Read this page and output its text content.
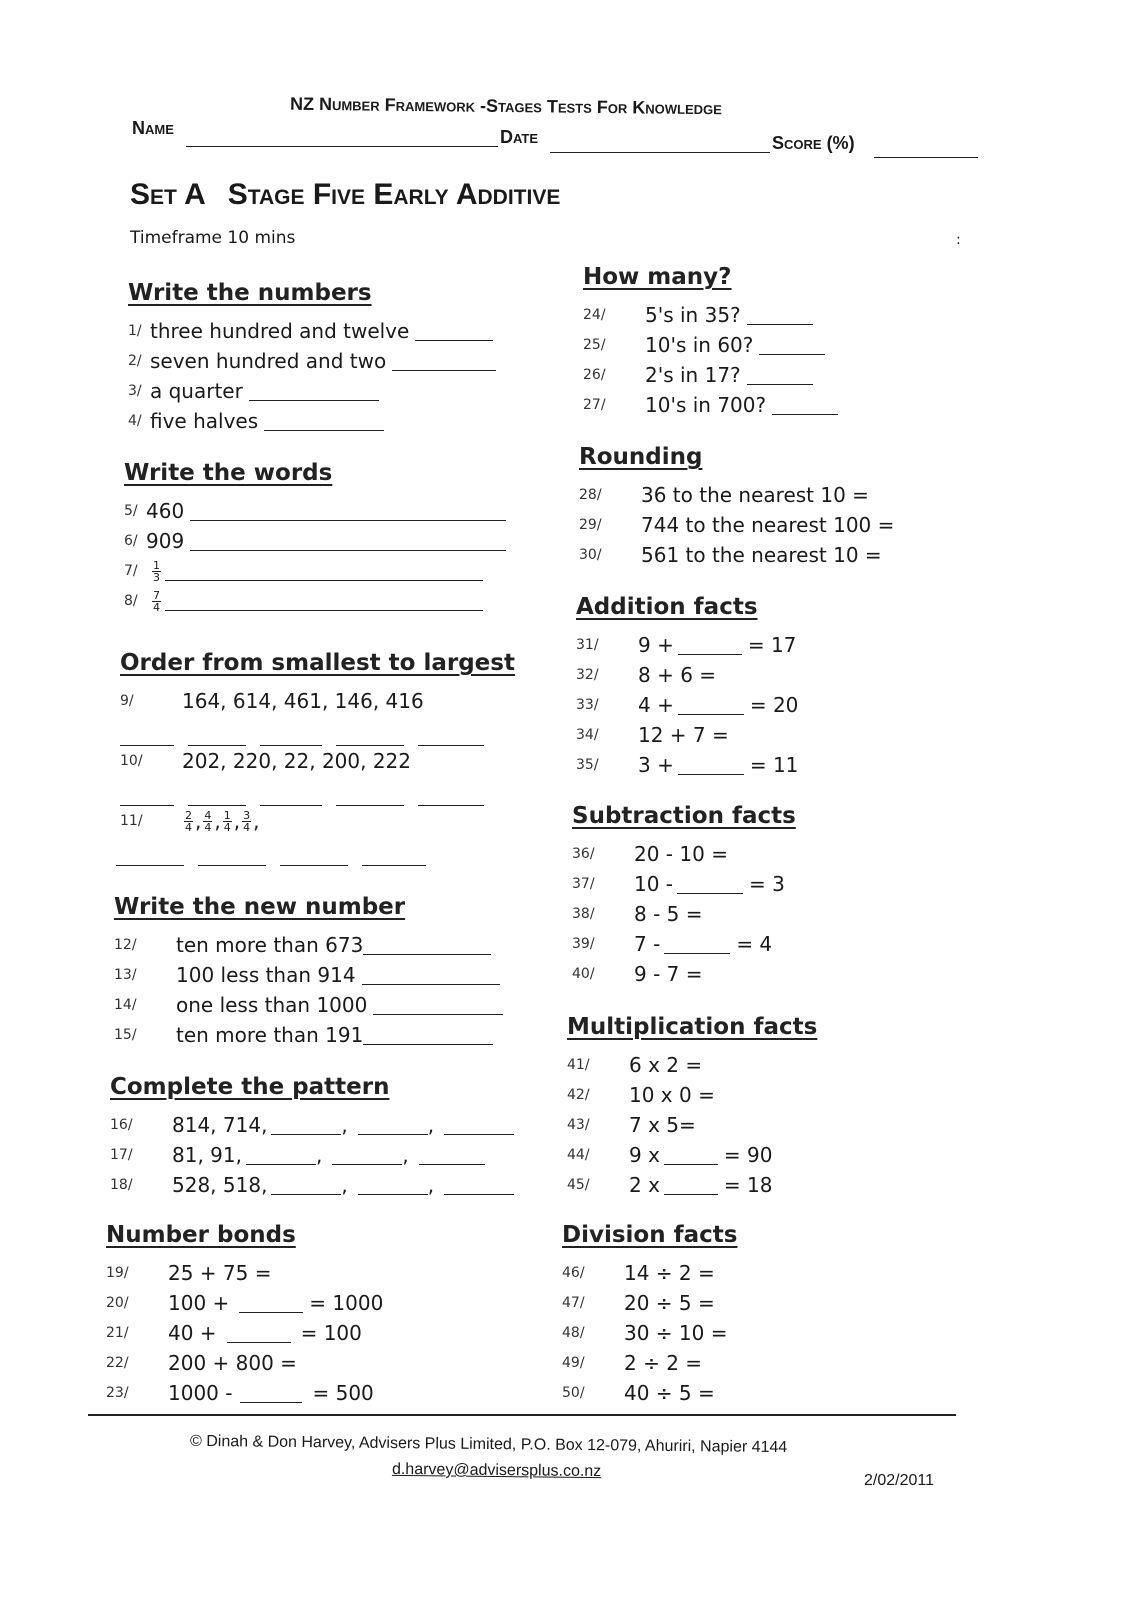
NZ Number Framework -Stages Tests For Knowledge
Name	Date	Score (%)
Set A Stage Five Early Additive
Timeframe 10 mins	:
Write the numbers
1/ three hundred and twelve
2/ seven hundred and two
3/ a quarter
4/ five halves
Write the words
5/ 460
6/ 909
7/	$\frac{1}{3}$
8/	$\frac{7}{4}$
Order from smallest to largest
9/	164, 614, 461, 146, 416
10/	202, 220, 22, 200, 222
11/	$\frac{2}{4}$ , $\frac{4}{4}$ , $\frac{1}{4}$ , $\frac{3}{4}$ ,
Write the new number
12/	ten more than 673
13/	100 less than 914
14/	one less than 1000
15/	ten more than 191
Complete the pattern
16/	814, 714,	,	,
17/	81, 91,	,	,
18/	528, 518,	,	,
Number bonds
19/	25 + 75 =
20/	100 +	= 1000
21/	40 +	= 100
22/	200 + 800 =
23/	1000 -	= 500
How many?
24/	5's in 35?
25/	10's in 60?
26/	2's in 17?
27/	10's in 700?
Rounding
28/	36 to the nearest 10 =
29/	744 to the nearest 100 =
30/	561 to the nearest 10 =
Addition facts
31/	9 +	= 17
32/	8 + 6 =
33/	4 +	= 20
34/	12 + 7 =
35/	3 +	= 11
Subtraction facts
36/	20 - 10 =
37/	10 -	= 3
38/	8 - 5 =
39/	7 -	= 4
40/	9 - 7 =
Multiplication facts
41/	6 x 2 =
42/	10 x 0 =
43/	7 x 5=
44/	9 x	= 90
45/	2 x	= 18
Division facts
46/	14 ÷ 2 =
47/	20 ÷ 5 =
48/	30 ÷ 10 =
49/	2 ÷ 2 =
50/	40 ÷ 5 =
© Dinah & Don Harvey, Advisers Plus Limited, P.O. Box 12-079, Ahuriri, Napier 4144
d.harvey@advisersplus.co.nz
2/02/2011
